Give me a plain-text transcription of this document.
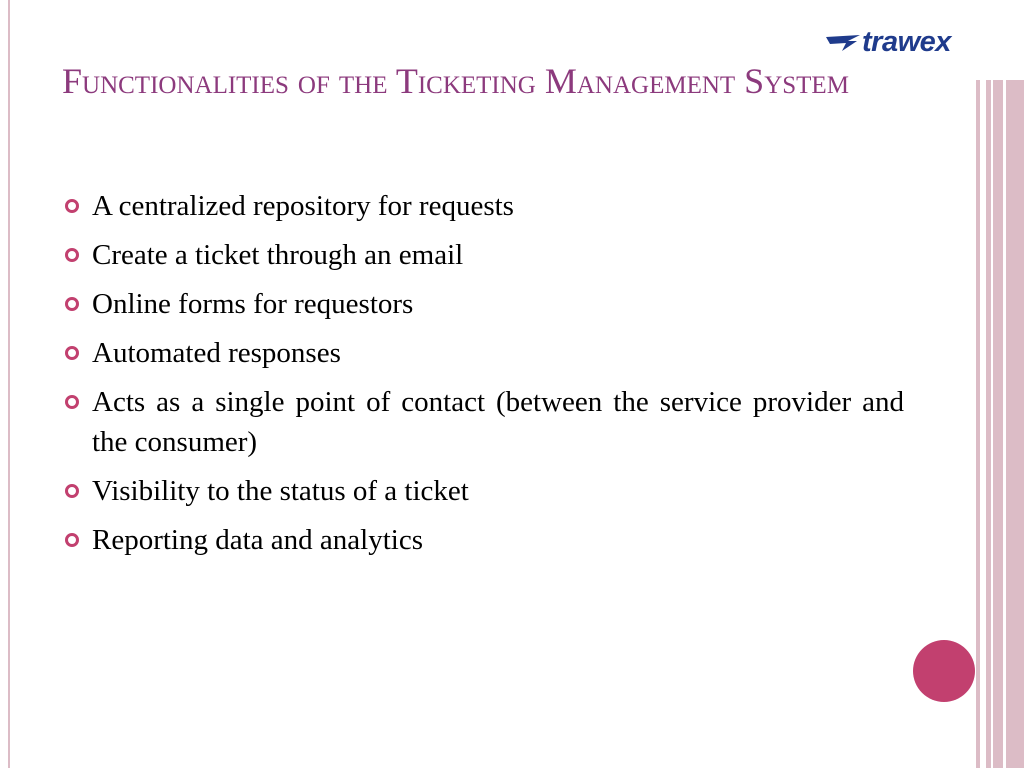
trawex
Functionalities of the Ticketing Management System
A centralized repository for requests
Create a ticket through an email
Online forms for requestors
Automated responses
Acts as a single point of contact (between the service provider and the consumer)
Visibility to the status of a ticket
Reporting data and analytics
